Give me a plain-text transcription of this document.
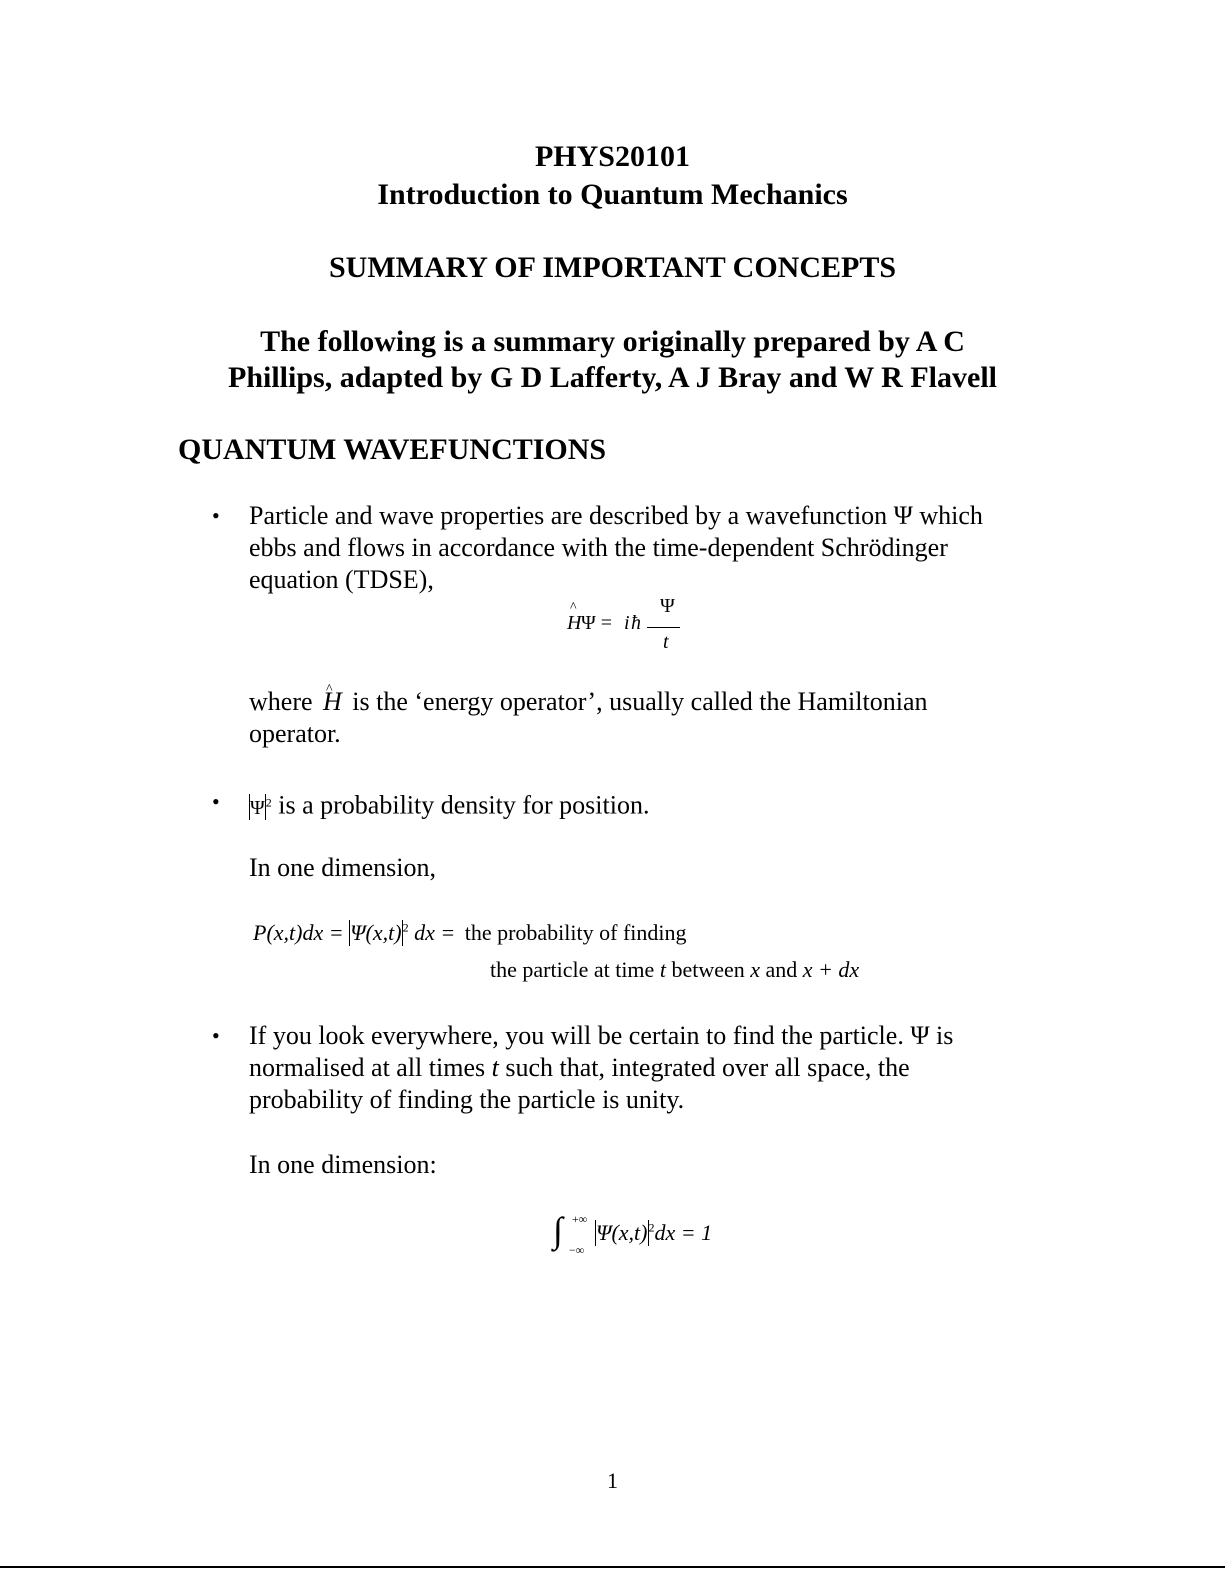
PHYS20101
Introduction to Quantum Mechanics
SUMMARY OF IMPORTANT CONCEPTS
The following is a summary originally prepared by A C
Phillips, adapted by G D Lafferty, A J Bray and W R Flavell
QUANTUM WAVEFUNCTIONS
• Particle and wave properties are described by a wavefunction Ψ which
ebbs and flows in accordance with the time-dependent Schrödinger
equation (TDSE),
^ H Ψ = i ħ
Ψ
t
where ^ H is the ‘energy operator’, usually called the Hamiltonian
operator.
• $\Psi^2$ is a probability density for position.
In one dimension,
$P(x,t)dx = \Psi(x,t)^2$ dx = the probability of finding
the particle at time t between x and x + dx
• If you look everywhere, you will be certain to find the particle. Ψ is
normalised at all times t such that, integrated over all space, the
probability of finding the particle is unity.
In one dimension:
∫ +∞
−∞
$\Psi(x,t)^2dx = 1$
1
